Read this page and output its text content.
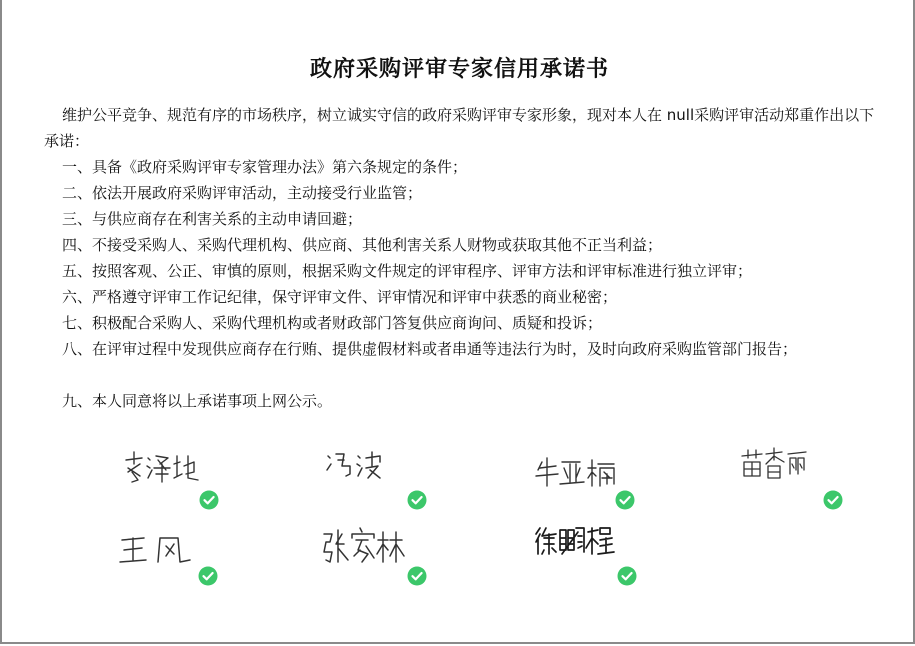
政府采购评审专家信用承诺书
维护公平竞争、规范有序的市场秩序，树立诚实守信的政府采购评审专家形象，现对本人在 null采购评审活动郑重作出以下承诺：
一、具备《政府采购评审专家管理办法》第六条规定的条件；
二、依法开展政府采购评审活动，主动接受行业监管；
三、与供应商存在利害关系的主动申请回避；
四、不接受采购人、采购代理机构、供应商、其他利害关系人财物或获取其他不正当利益；
五、按照客观、公正、审慎的原则，根据采购文件规定的评审程序、评审方法和评审标准进行独立评审；
六、严格遵守评审工作记纪律，保守评审文件、评审情况和评审中获悉的商业秘密；
七、积极配合采购人、采购代理机构或者财政部门答复供应商询问、质疑和投诉；
八、在评审过程中发现供应商存在行贿、提供虚假材料或者串通等违法行为时，及时向政府采购监管部门报告；
九、本人同意将以上承诺事项上网公示。
